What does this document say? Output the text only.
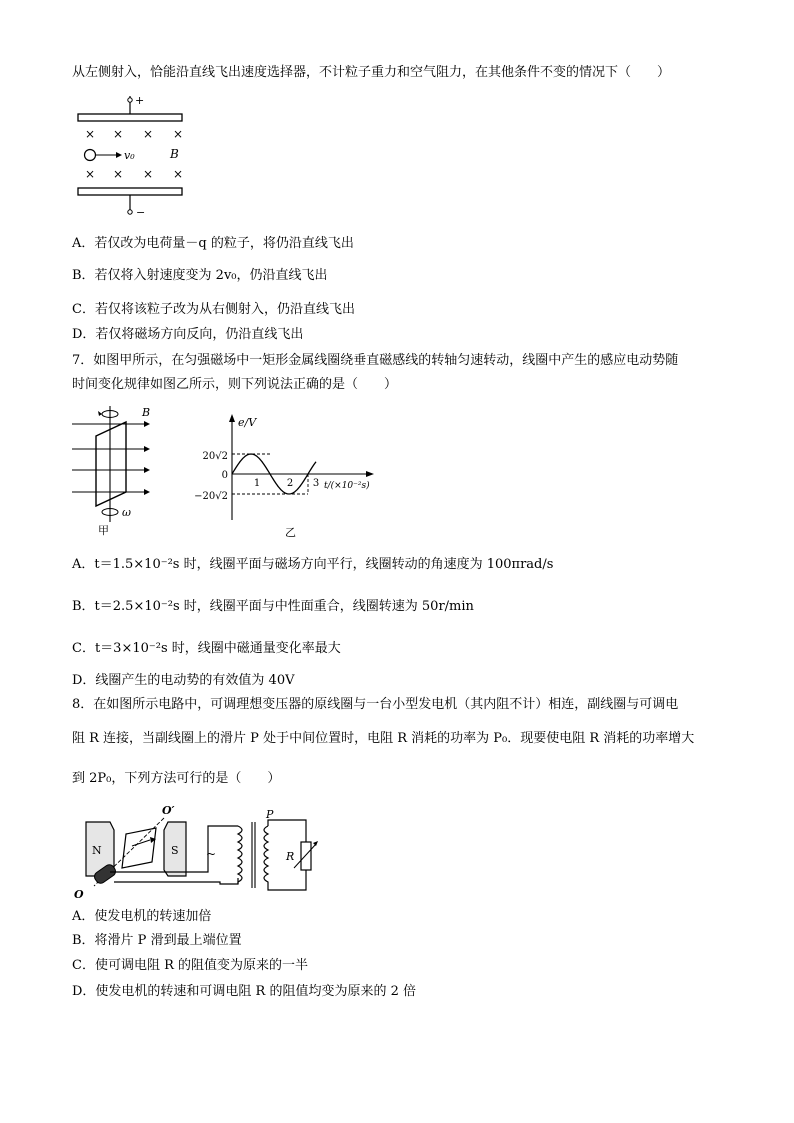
从左侧射入，恰能沿直线飞出速度选择器，不计粒子重力和空气阻力，在其他条件不变的情况下（　　）
+
× × × ×
v₀	B
× × × ×
−
A．若仅改为电荷量－q 的粒子，将仍沿直线飞出
B．若仅将入射速度变为 2v₀，仍沿直线飞出
C．若仅将该粒子改为从右侧射入，仍沿直线飞出
D．若仅将磁场方向反向，仍沿直线飞出
7．如图甲所示，在匀强磁场中一矩形金属线圈绕垂直磁感线的转轴匀速转动，线圈中产生的感应电动势随
时间变化规律如图乙所示，则下列说法正确的是（　　）
B
ω
甲
e/V
20√2
0
−20√2
1	2 3 t/(×10⁻²s)
乙
A．t＝1.5×10⁻²s 时，线圈平面与磁场方向平行，线圈转动的角速度为 100πrad/s
B．t＝2.5×10⁻²s 时，线圈平面与中性面重合，线圈转速为 50r/min
C．t＝3×10⁻²s 时，线圈中磁通量变化率最大
D．线圈产生的电动势的有效值为 40V
8．在如图所示电路中，可调理想变压器的原线圈与一台小型发电机（其内阻不计）相连，副线圈与可调电
阻 R 连接，当副线圈上的滑片 P 处于中间位置时，电阻 R 消耗的功率为 P₀．现要使电阻 R 消耗的功率增大
到 2P₀，下列方法可行的是（　　）
O′
N	S
O
~
P
R
A．使发电机的转速加倍
B．将滑片 P 滑到最上端位置
C．使可调电阻 R 的阻值变为原来的一半
D．使发电机的转速和可调电阻 R 的阻值均变为原来的 2 倍
